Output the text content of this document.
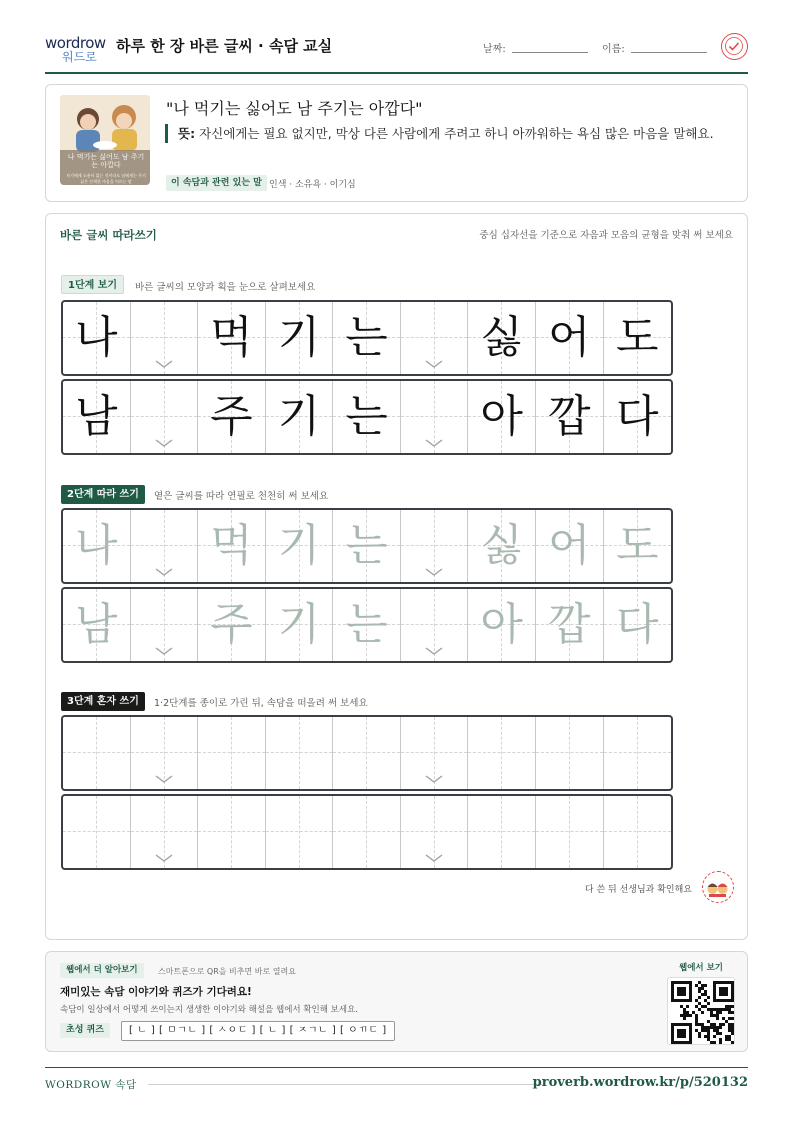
wordrow
워드로
하루 한 장 바른 글씨 · 속담 교실	날짜:	이름:
나 먹기는 싫어도 남 주기는 아깝다
자기에게 소용이 없는 것이라도 남에게는 주기 싫은 인색한 마음을 이르는 말
"나 먹기는 싫어도 남 주기는 아깝다"
뜻: 자신에게는 필요 없지만, 막상 다른 사람에게 주려고 하니 아까워하는 욕심 많은 마음을 말해요.
이 속담과 관련 있는 말 인색 · 소유욕 · 이기심
바른 글씨 따라쓰기	중심 십자선을 기준으로 자음과 모음의 균형을 맞춰 써 보세요
1단계 보기	바른 글씨의 모양과 획을 눈으로 살펴보세요
나 먹 기 는 싫 어 도
남 주 기 는 아 깝 다
2단계 따라 쓰기	옅은 글씨를 따라 연필로 천천히 써 보세요
나 먹 기 는 싫 어 도
남 주 기 는 아 깝 다
3단계 혼자 쓰기	1·2단계를 종이로 가린 뒤, 속담을 떠올려 써 보세요
다 쓴 뒤 선생님과 확인해요
웹에서 더 알아보기	스마트폰으로 QR을 비추면 바로 열려요
재미있는 속담 이야기와 퀴즈가 기다려요!
속담이 일상에서 어떻게 쓰이는지 생생한 이야기와 해설을 웹에서 확인해 보세요.
초성 퀴즈	[ ㄴ ] [ ㅁㄱㄴ ] [ ㅅㅇㄷ ] [ ㄴ ] [ ㅈㄱㄴ ] [ ㅇㄲㄷ ]
웹에서 보기
WORDROW 속담	proverb.wordrow.kr/p/520132
